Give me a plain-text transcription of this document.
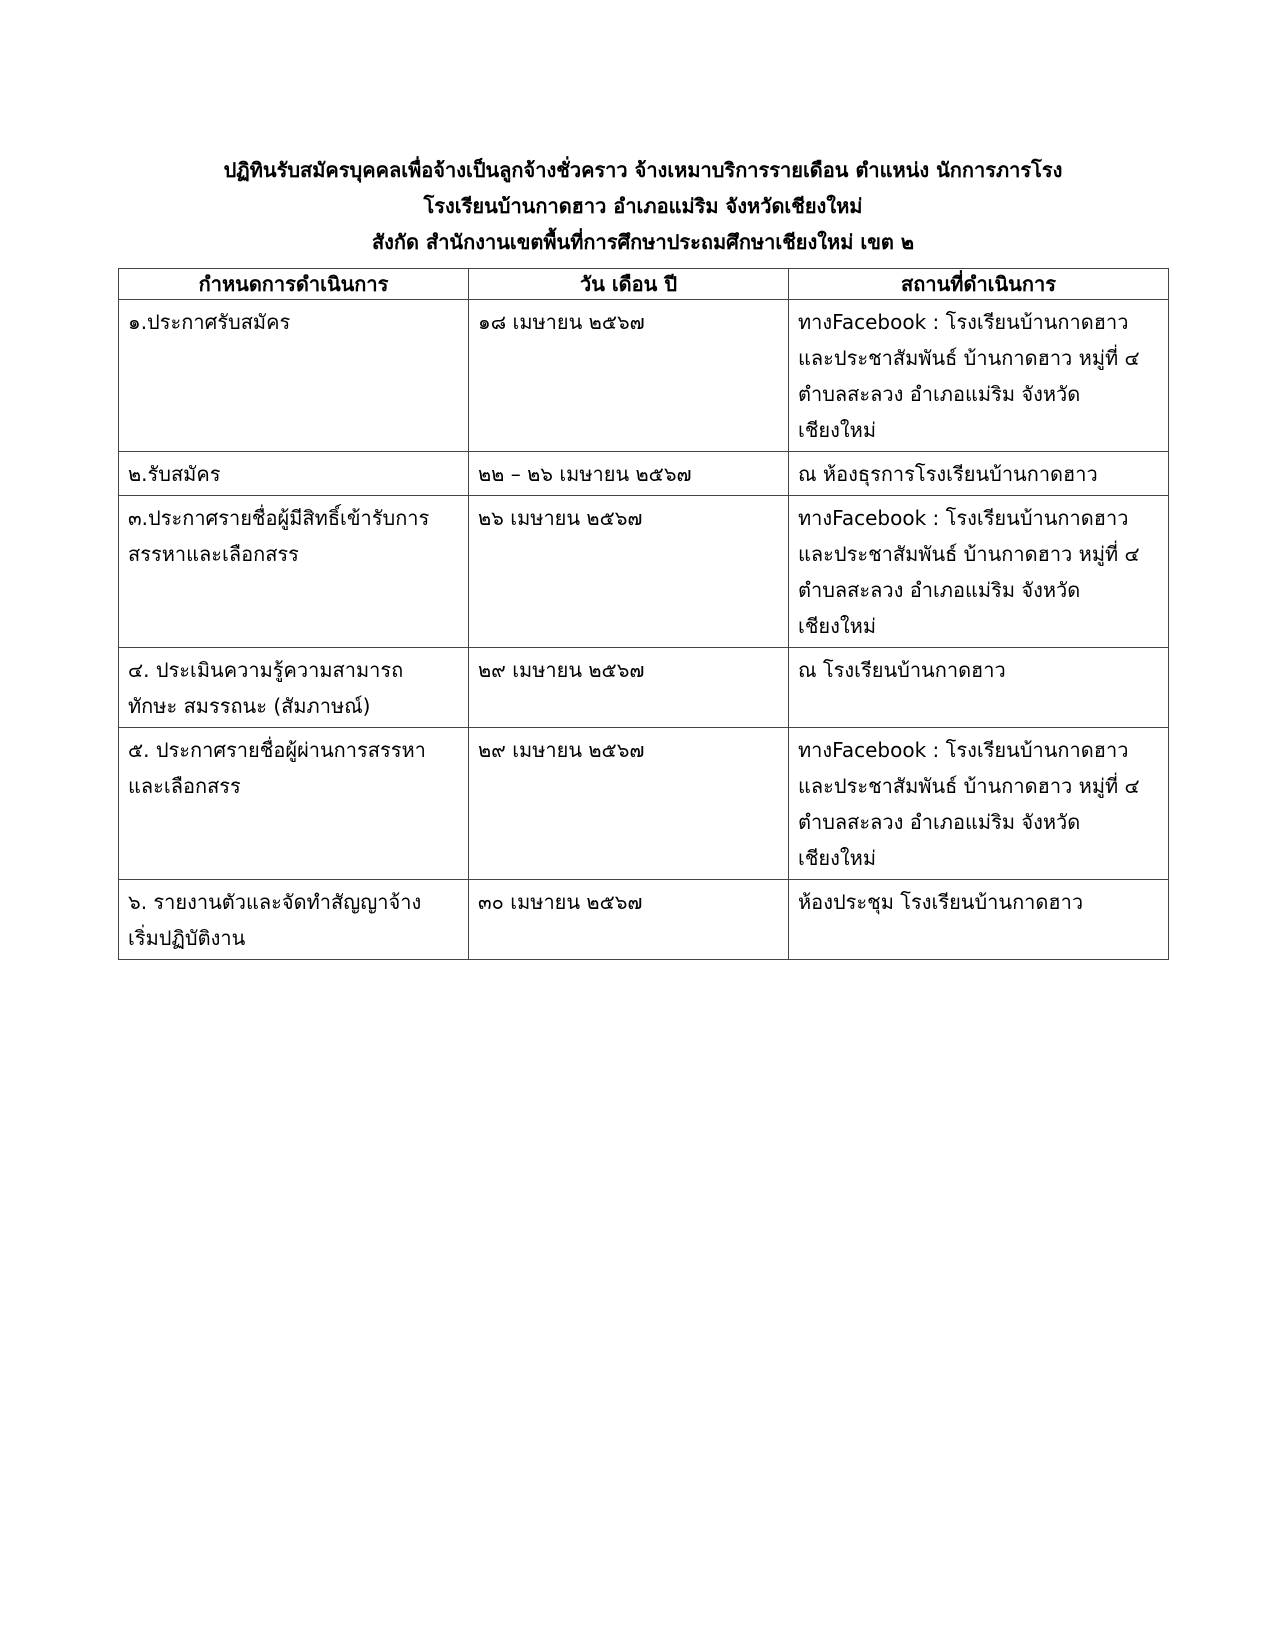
ปฏิทินรับสมัครบุคคลเพื่อจ้างเป็นลูกจ้างชั่วคราว จ้างเหมาบริการรายเดือน ตำแหน่ง นักการภารโรง
โรงเรียนบ้านกาดฮาว อำเภอแม่ริม จังหวัดเชียงใหม่
สังกัด สำนักงานเขตพื้นที่การศึกษาประถมศึกษาเชียงใหม่ เขต ๒
กำหนดการดำเนินการ	วัน เดือน ปี	สถานที่ดำเนินการ

๑.ประกาศรับสมัคร	๑๘ เมษายน ๒๕๖๗	ทางFacebook : โรงเรียนบ้านกาดฮาว
และประชาสัมพันธ์ บ้านกาดฮาว หมู่ที่ ๔
ตำบลสะลวง อำเภอแม่ริม จังหวัด
เชียงใหม่

๒.รับสมัคร	๒๒ – ๒๖ เมษายน ๒๕๖๗	ณ ห้องธุรการโรงเรียนบ้านกาดฮาว

๓.ประกาศรายชื่อผู้มีสิทธิ์เข้ารับการ
สรรหาและเลือกสรร	๒๖ เมษายน ๒๕๖๗	ทางFacebook : โรงเรียนบ้านกาดฮาว
และประชาสัมพันธ์ บ้านกาดฮาว หมู่ที่ ๔
ตำบลสะลวง อำเภอแม่ริม จังหวัด
เชียงใหม่

๔. ประเมินความรู้ความสามารถ
ทักษะ สมรรถนะ (สัมภาษณ์)	๒๙ เมษายน ๒๕๖๗	ณ โรงเรียนบ้านกาดฮาว

๕. ประกาศรายชื่อผู้ผ่านการสรรหา
และเลือกสรร	๒๙ เมษายน ๒๕๖๗	ทางFacebook : โรงเรียนบ้านกาดฮาว
และประชาสัมพันธ์ บ้านกาดฮาว หมู่ที่ ๔
ตำบลสะลวง อำเภอแม่ริม จังหวัด
เชียงใหม่

๖. รายงานตัวและจัดทำสัญญาจ้าง
เริ่มปฏิบัติงาน	๓๐ เมษายน ๒๕๖๗	ห้องประชุม โรงเรียนบ้านกาดฮาว
